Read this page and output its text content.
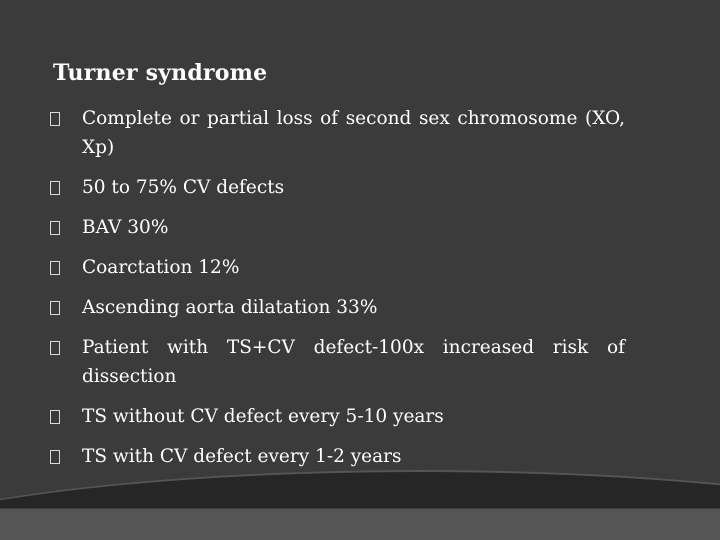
Turner syndrome
Complete or partial loss of second sex chromosome (XO, Xp)
50 to 75% CV defects
BAV 30%
Coarctation 12%
Ascending aorta dilatation 33%
Patient with TS+CV defect-100x increased risk of dissection
TS without CV defect every 5-10 years
TS with CV defect every 1-2 years
